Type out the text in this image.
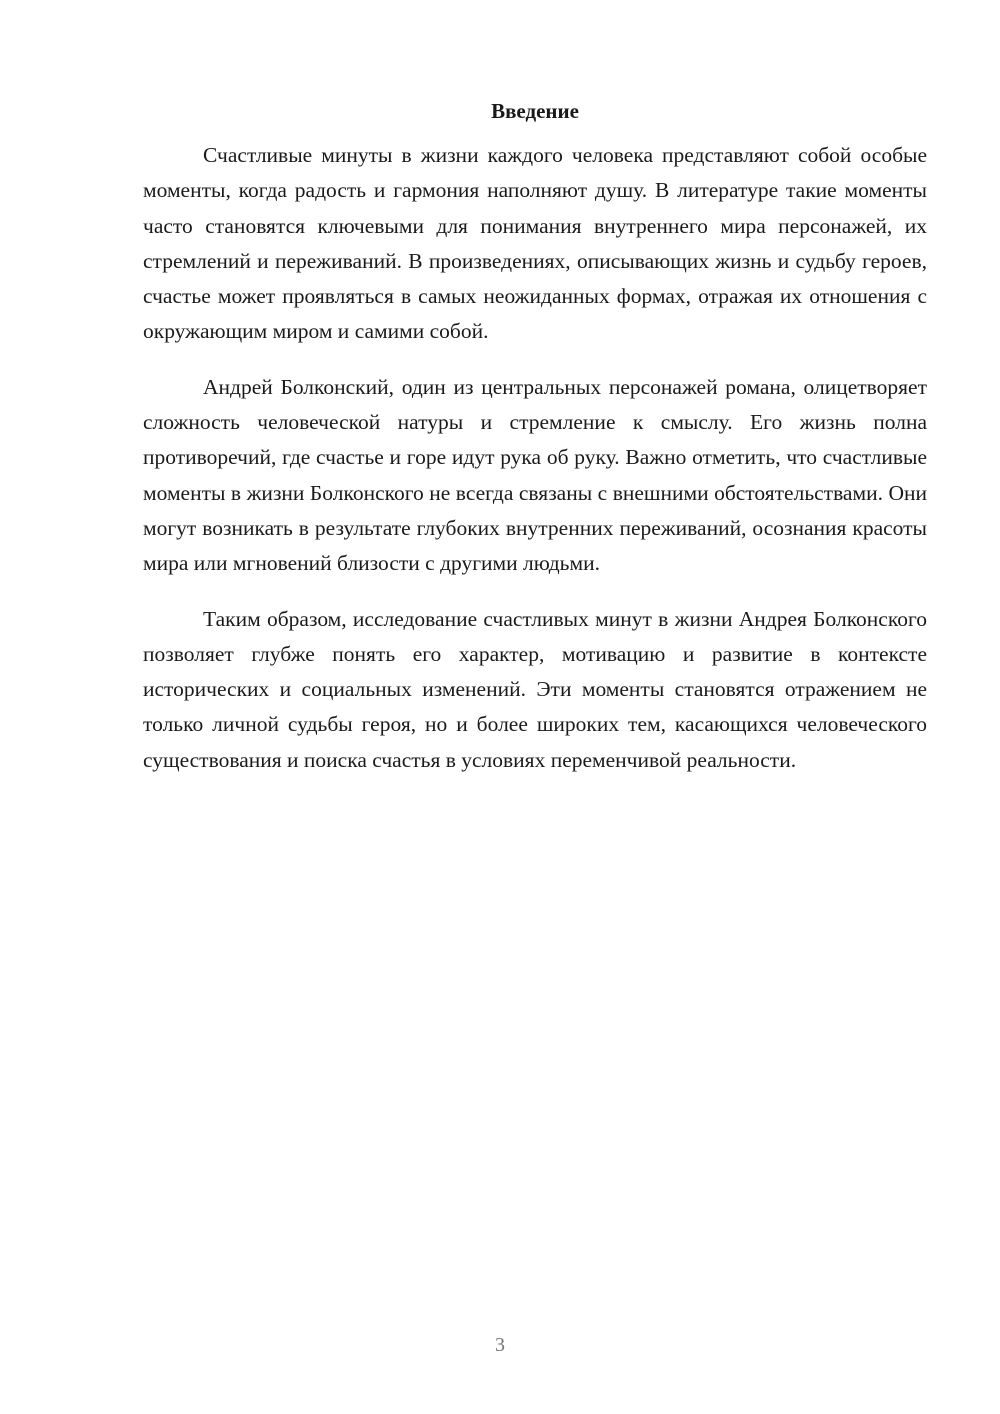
Введение

Счастливые минуты в жизни каждого человека представляют собой особые моменты, когда радость и гармония наполняют душу. В литературе такие моменты часто становятся ключевыми для понимания внутреннего мира персонажей, их стремлений и переживаний. В произведениях, описывающих жизнь и судьбу героев, счастье может проявляться в самых неожиданных формах, отражая их отношения с окружающим миром и самими собой.

Андрей Болконский, один из центральных персонажей романа, олицетворяет сложность человеческой натуры и стремление к смыслу. Его жизнь полна противоречий, где счастье и горе идут рука об руку. Важно отметить, что счастливые моменты в жизни Болконского не всегда связаны с внешними обстоятельствами. Они могут возникать в результате глубоких внутренних переживаний, осознания красоты мира или мгновений близости с другими людьми.

Таким образом, исследование счастливых минут в жизни Андрея Болконского позволяет глубже понять его характер, мотивацию и развитие в контексте исторических и социальных изменений. Эти моменты становятся отражением не только личной судьбы героя, но и более широких тем, касающихся человеческого существования и поиска счастья в условиях переменчивой реальности.

3
